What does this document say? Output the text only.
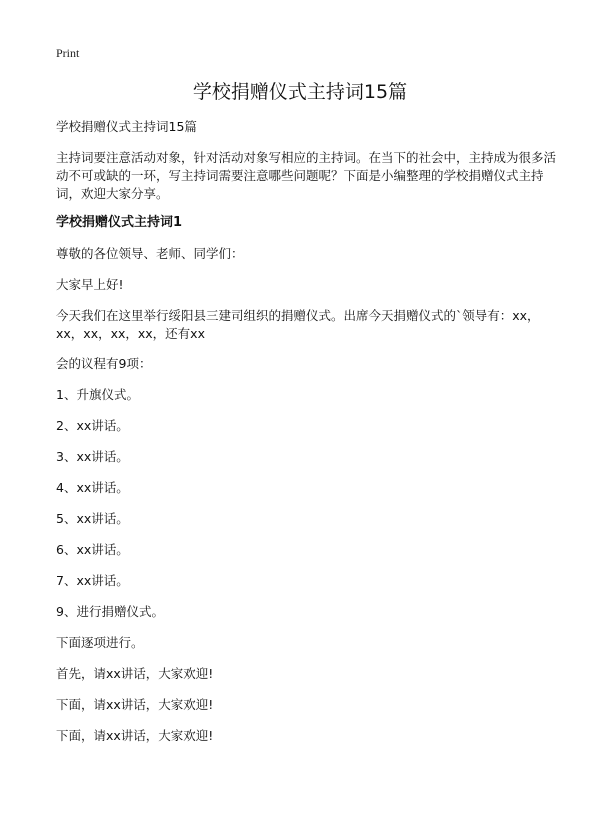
Print
学校捐赠仪式主持词15篇

学校捐赠仪式主持词15篇

主持词要注意活动对象，针对活动对象写相应的主持词。在当下的社会中，主持成为很多活动不可或缺的一环，写主持词需要注意哪些问题呢？下面是小编整理的学校捐赠仪式主持词，欢迎大家分享。

学校捐赠仪式主持词1

尊敬的各位领导、老师、同学们：

大家早上好!

今天我们在这里举行绥阳县三建司组织的捐赠仪式。出席今天捐赠仪式的`领导有：xx，xx，xx，xx，xx，还有xx

会的议程有9项：

1、升旗仪式。

2、xx讲话。

3、xx讲话。

4、xx讲话。

5、xx讲话。

6、xx讲话。

7、xx讲话。

9、进行捐赠仪式。

下面逐项进行。

首先，请xx讲话，大家欢迎!

下面，请xx讲话，大家欢迎!

下面，请xx讲话，大家欢迎!
